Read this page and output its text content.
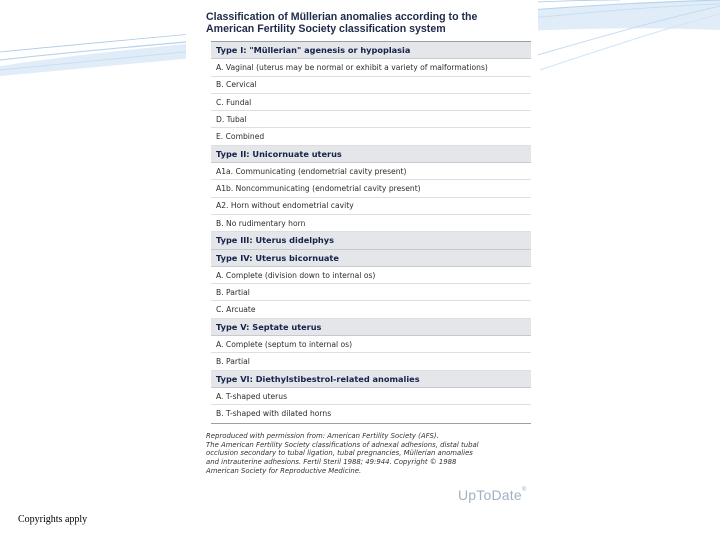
Classification of Müllerian anomalies according to the
American Fertility Society classification system
Type I: "Müllerian" agenesis or hypoplasia
A. Vaginal (uterus may be normal or exhibit a variety of malformations)
B. Cervical
C. Fundal
D. Tubal
E. Combined
Type II: Unicornuate uterus
A1a. Communicating (endometrial cavity present)
A1b. Noncommunicating (endometrial cavity present)
A2. Horn without endometrial cavity
B. No rudimentary horn
Type III: Uterus didelphys
Type IV: Uterus bicornuate
A. Complete (division down to internal os)
B. Partial
C. Arcuate
Type V: Septate uterus
A. Complete (septum to internal os)
B. Partial
Type VI: Diethylstibestrol-related anomalies
A. T-shaped uterus
B. T-shaped with dilated horns
Reproduced with permission from: American Fertility Society (AFS).
The American Fertility Society classifications of adnexal adhesions, distal tubal
occlusion secondary to tubal ligation, tubal pregnancies, Müllerian anomalies
and intrauterine adhesions. Fertil Steril 1988; 49:944. Copyright © 1988
American Society for Reproductive Medicine.
UpToDate®
Copyrights apply
